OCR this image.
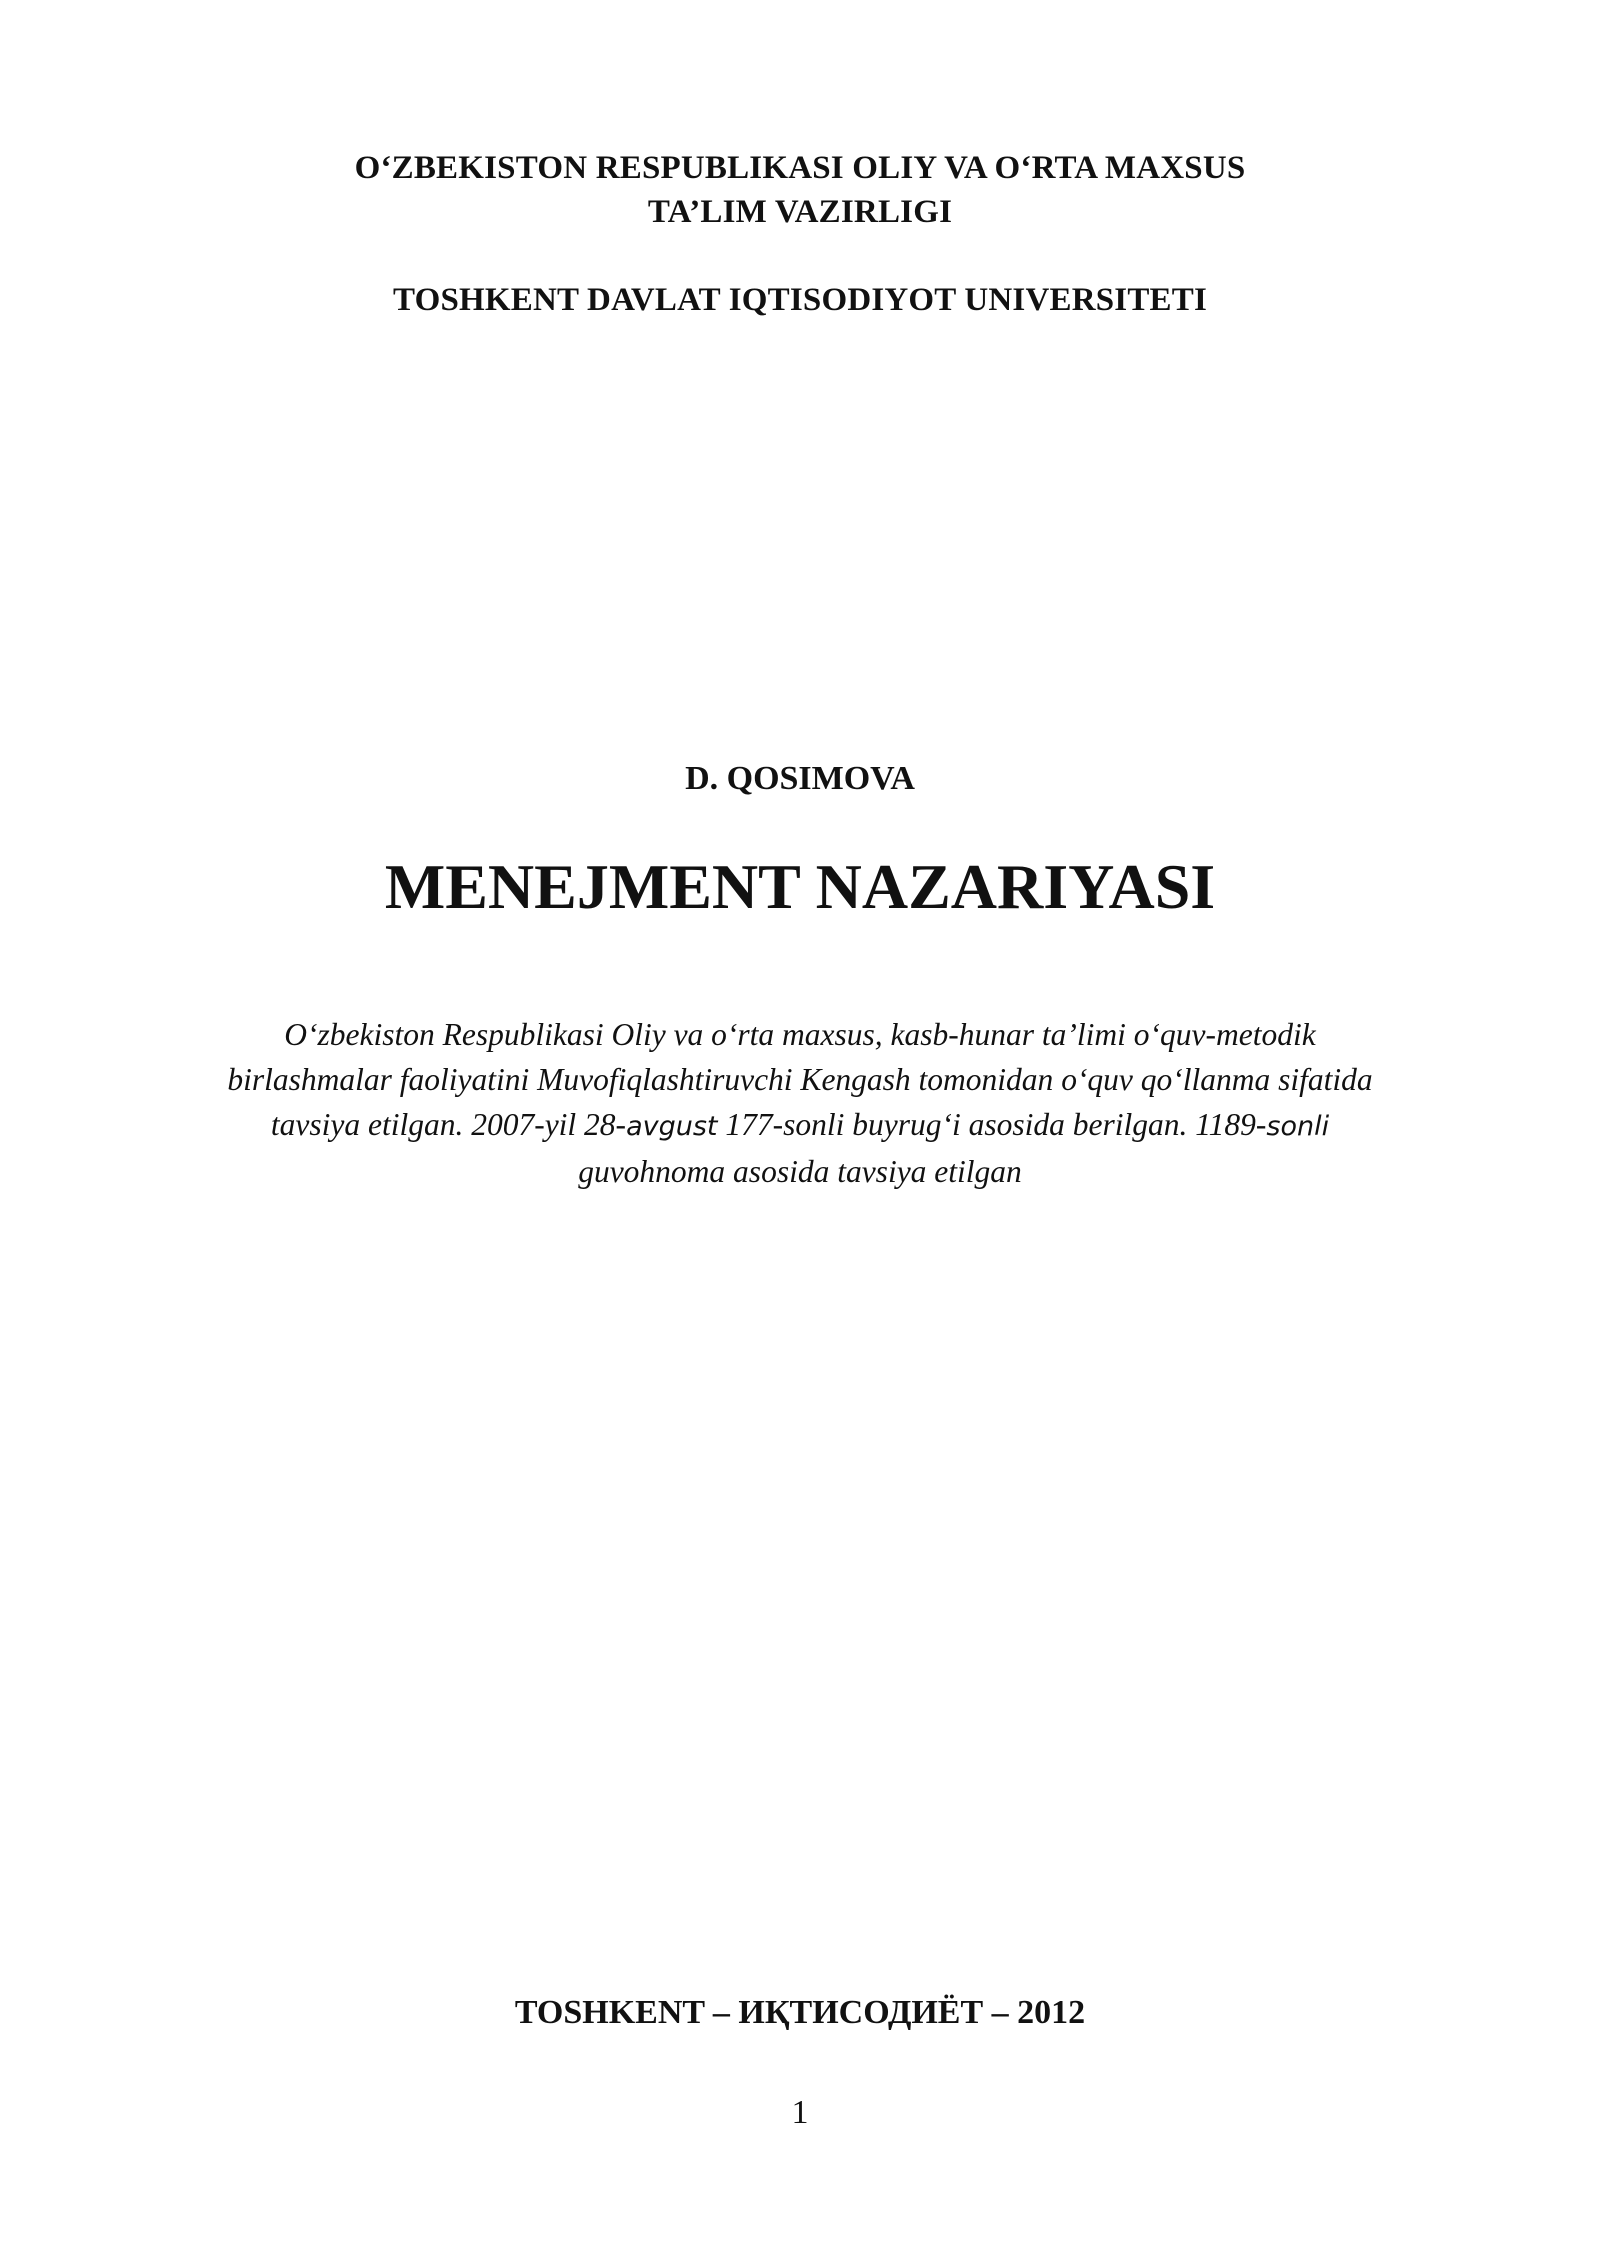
O‘ZBEKISTON RESPUBLIKASI OLIY VA O‘RTA MAXSUS
TA’LIM VAZIRLIGI
TOSHKENT DAVLAT IQTISODIYOT UNIVERSITETI
D. QOSIMOVA
MENEJMENT NAZARIYASI
O‘zbekiston Respublikasi Oliy va o‘rta maxsus, kasb-hunar ta’limi o‘quv-metodik
birlashmalar faoliyatini Muvofiqlashtiruvchi Kengash tomonidan o‘quv qo‘llanma sifatida
tavsiya etilgan. 2007-yil 28-avgust 177-sonli buyrug‘i asosida berilgan. 1189-sonli
guvohnoma asosida tavsiya etilgan
TOSHKENT – ИҚТИСОДИЁТ – 2012
1
